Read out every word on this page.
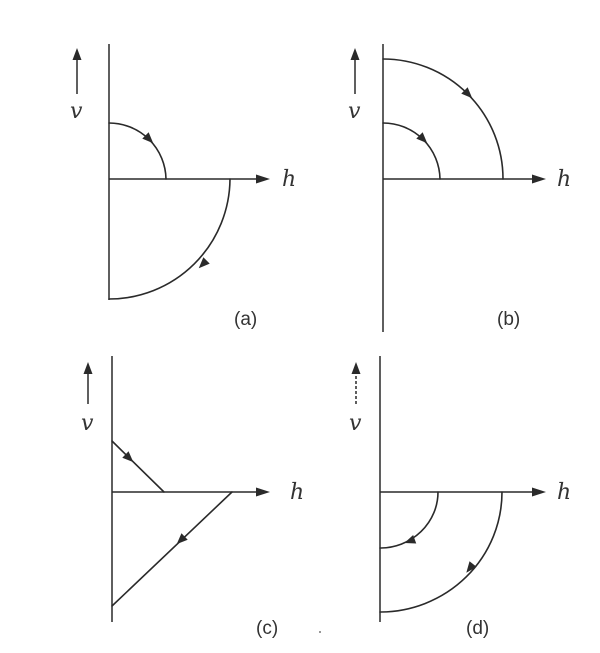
v
h
(a)
v
h
(b)
v
h
(c)
v
h
(d)
